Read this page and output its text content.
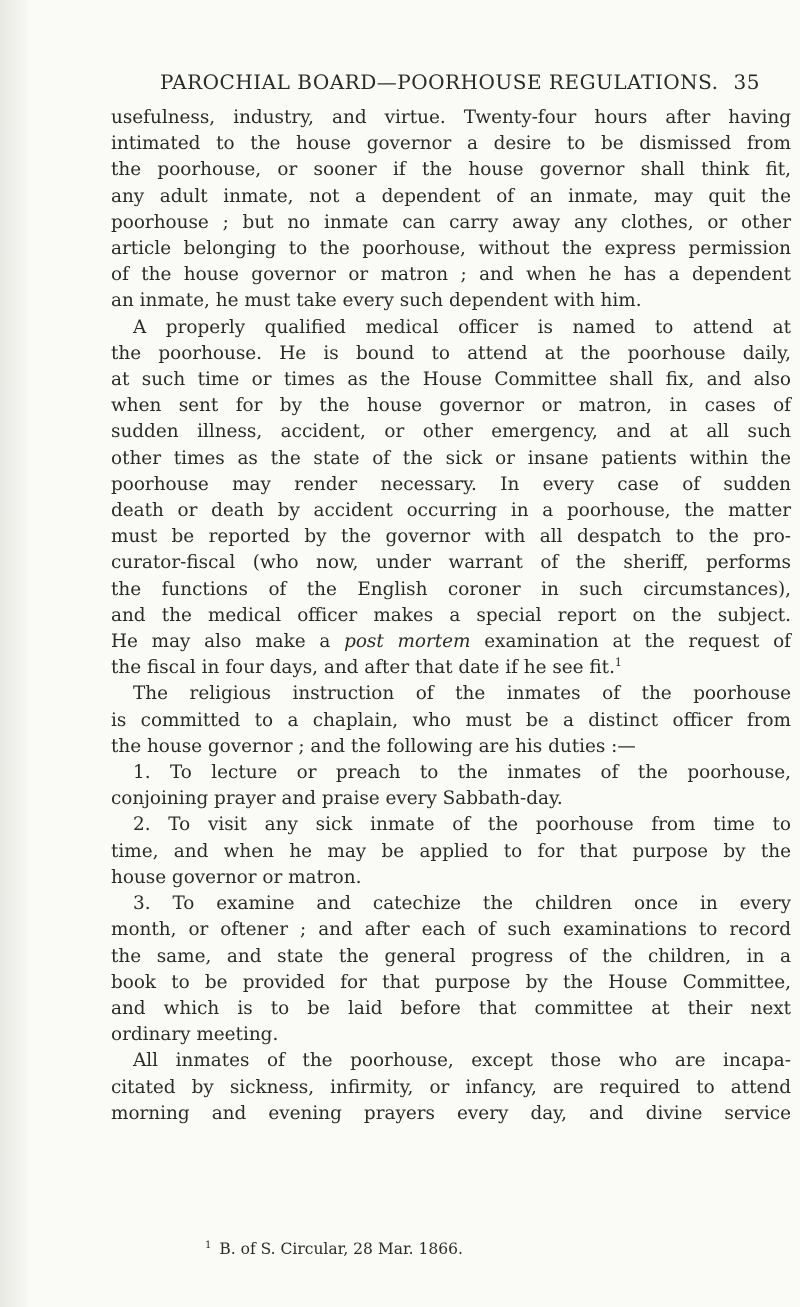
PAROCHIAL BOARD—POORHOUSE REGULATIONS. 35
usefulness, industry, and virtue. Twenty-four hours after having
intimated to the house governor a desire to be dismissed from
the poorhouse, or sooner if the house governor shall think fit,
any adult inmate, not a dependent of an inmate, may quit the
poorhouse ; but no inmate can carry away any clothes, or other
article belonging to the poorhouse, without the express permission
of the house governor or matron ; and when he has a dependent
an inmate, he must take every such dependent with him.
A properly qualified medical officer is named to attend at
the poorhouse. He is bound to attend at the poorhouse daily,
at such time or times as the House Committee shall fix, and also
when sent for by the house governor or matron, in cases of
sudden illness, accident, or other emergency, and at all such
other times as the state of the sick or insane patients within the
poorhouse may render necessary. In every case of sudden
death or death by accident occurring in a poorhouse, the matter
must be reported by the governor with all despatch to the pro-
curator-fiscal (who now, under warrant of the sheriff, performs
the functions of the English coroner in such circumstances),
and the medical officer makes a special report on the subject.
He may also make a post mortem examination at the request of
the fiscal in four days, and after that date if he see fit.$^1$
The religious instruction of the inmates of the poorhouse
is committed to a chaplain, who must be a distinct officer from
the house governor ; and the following are his duties :—
1. To lecture or preach to the inmates of the poorhouse,
conjoining prayer and praise every Sabbath-day.
2. To visit any sick inmate of the poorhouse from time to
time, and when he may be applied to for that purpose by the
house governor or matron.
3. To examine and catechize the children once in every
month, or oftener ; and after each of such examinations to record
the same, and state the general progress of the children, in a
book to be provided for that purpose by the House Committee,
and which is to be laid before that committee at their next
ordinary meeting.
All inmates of the poorhouse, except those who are incapa-
citated by sickness, infirmity, or infancy, are required to attend
morning and evening prayers every day, and divine service
$^1$ B. of S. Circular, 28 Mar. 1866.
